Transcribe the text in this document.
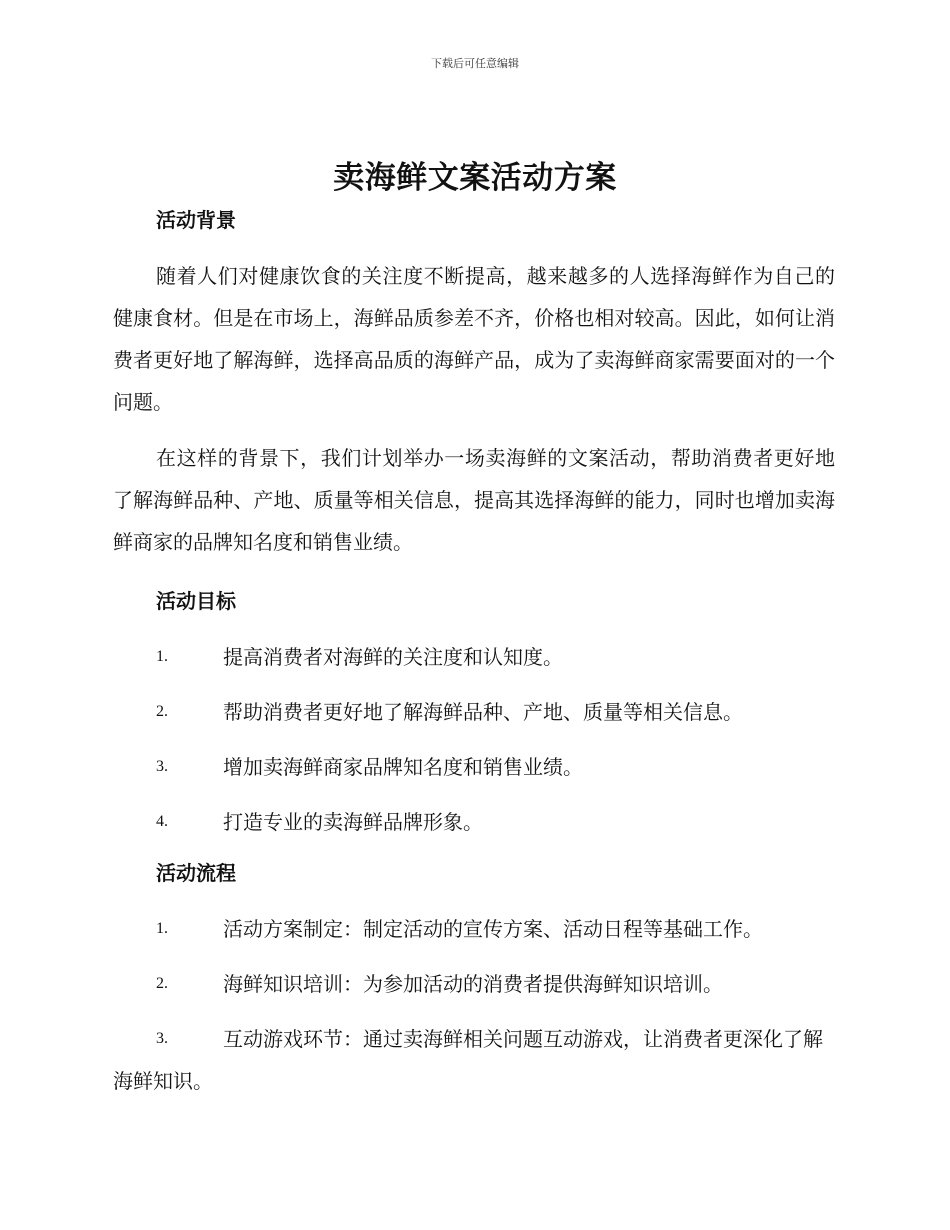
下载后可任意编辑
卖海鲜文案活动方案
活动背景

随着人们对健康饮食的关注度不断提高，越来越多的人选择海鲜作为自己的健康食材。但是在市场上，海鲜品质参差不齐，价格也相对较高。因此，如何让消费者更好地了解海鲜，选择高品质的海鲜产品，成为了卖海鲜商家需要面对的一个问题。

在这样的背景下，我们计划举办一场卖海鲜的文案活动，帮助消费者更好地了解海鲜品种、产地、质量等相关信息，提高其选择海鲜的能力，同时也增加卖海鲜商家的品牌知名度和销售业绩。

活动目标
1.	提高消费者对海鲜的关注度和认知度。
2.	帮助消费者更好地了解海鲜品种、产地、质量等相关信息。
3.	增加卖海鲜商家品牌知名度和销售业绩。
4.	打造专业的卖海鲜品牌形象。
活动流程
1.	活动方案制定：制定活动的宣传方案、活动日程等基础工作。
2.	海鲜知识培训：为参加活动的消费者提供海鲜知识培训。
3.	互动游戏环节：通过卖海鲜相关问题互动游戏，让消费者更深化了解海鲜知识。
